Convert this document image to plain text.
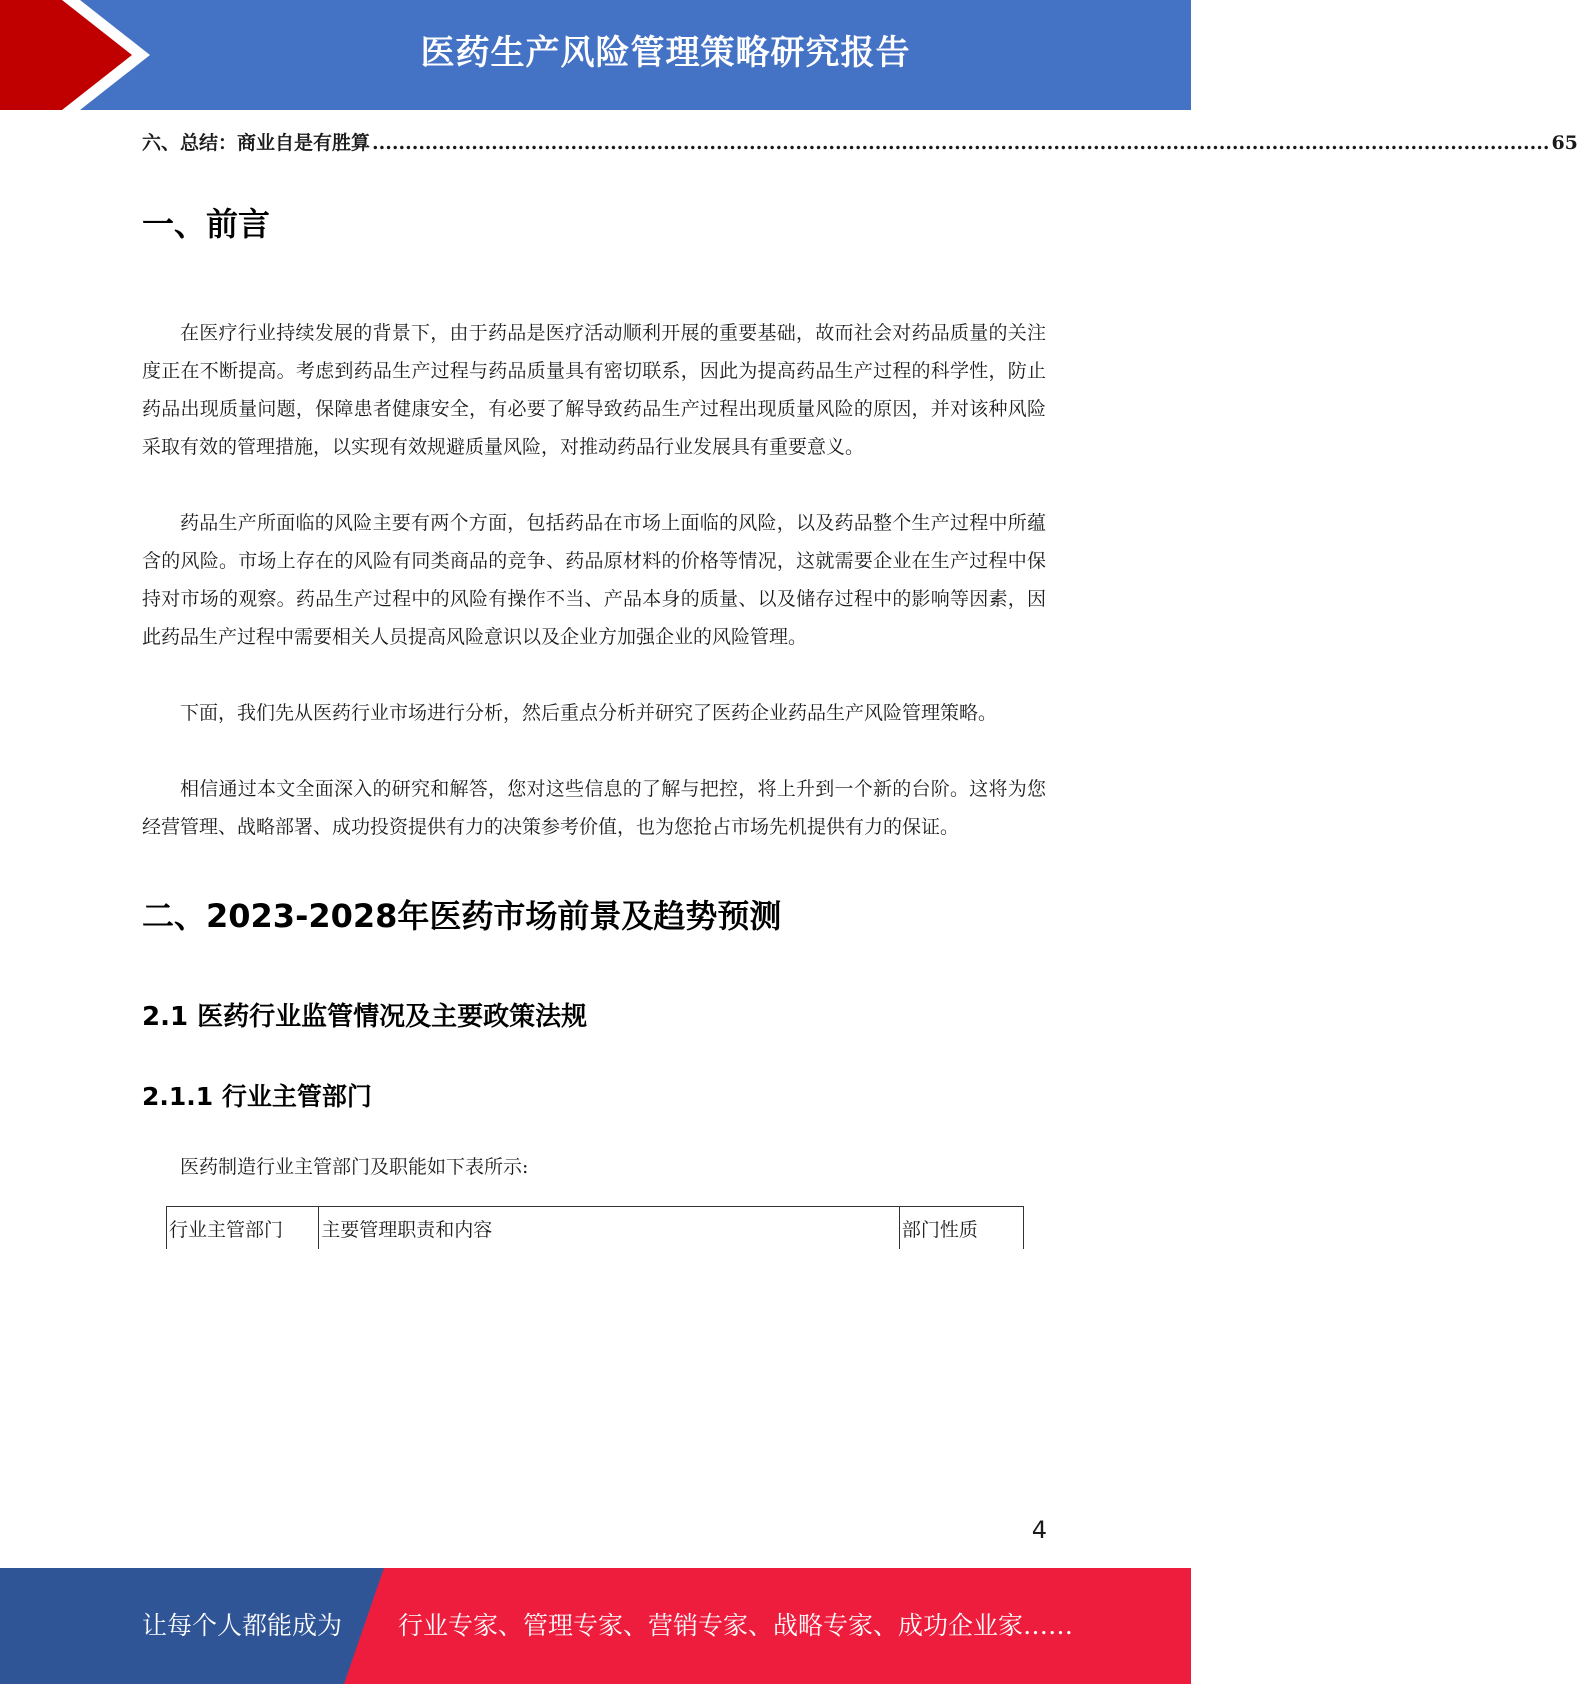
医药生产风险管理策略研究报告
六、总结：商业自是有胜算 .................................................................................................................................................................................. 65
一、前言

在医疗行业持续发展的背景下，由于药品是医疗活动顺利开展的重要基础，故而社会对药品质量的关注度正在不断提高。考虑到药品生产过程与药品质量具有密切联系，因此为提高药品生产过程的科学性，防止药品出现质量问题，保障患者健康安全，有必要了解导致药品生产过程出现质量风险的原因，并对该种风险采取有效的管理措施，以实现有效规避质量风险，对推动药品行业发展具有重要意义。

药品生产所面临的风险主要有两个方面，包括药品在市场上面临的风险，以及药品整个生产过程中所蕴含的风险。市场上存在的风险有同类商品的竞争、药品原材料的价格等情况，这就需要企业在生产过程中保持对市场的观察。药品生产过程中的风险有操作不当、产品本身的质量、以及储存过程中的影响等因素，因此药品生产过程中需要相关人员提高风险意识以及企业方加强企业的风险管理。

下面，我们先从医药行业市场进行分析，然后重点分析并研究了医药企业药品生产风险管理策略。

相信通过本文全面深入的研究和解答，您对这些信息的了解与把控，将上升到一个新的台阶。这将为您经营管理、战略部署、成功投资提供有力的决策参考价值，也为您抢占市场先机提供有力的保证。

二、2023-2028年医药市场前景及趋势预测
2.1 医药行业监管情况及主要政策法规
2.1.1 行业主管部门

医药制造行业主管部门及职能如下表所示:

行业主管部门	主要管理职责和内容	部门性质
4
让每个人都能成为 行业专家、管理专家、营销专家、战略专家、成功企业家……
